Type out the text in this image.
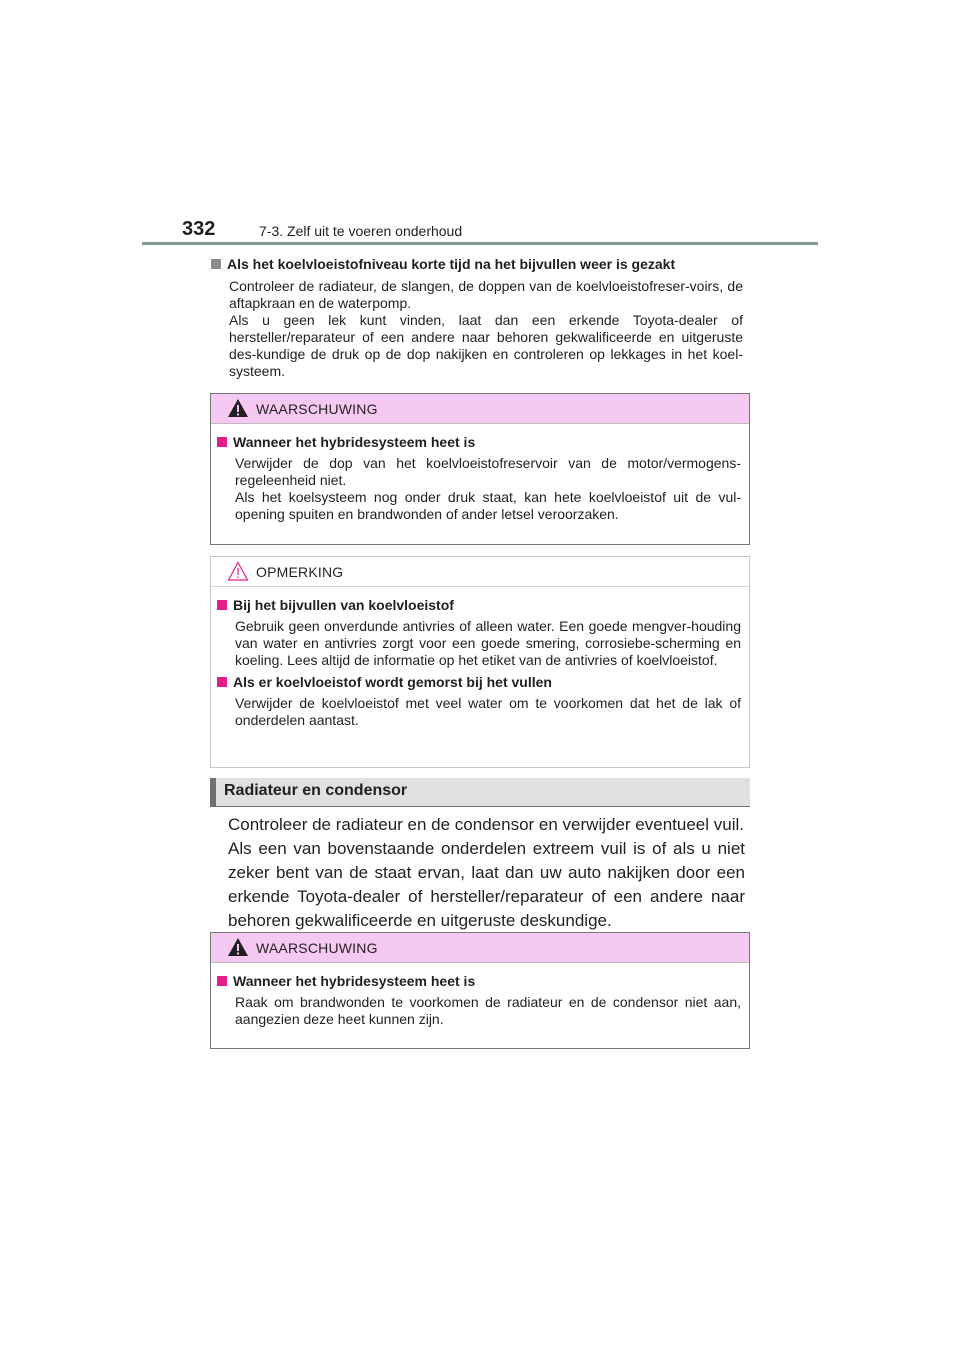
332	7-3. Zelf uit te voeren onderhoud
Als het koelvloeistofniveau korte tijd na het bijvullen weer is gezakt

Controleer de radiateur, de slangen, de doppen van de koelvloeistofreser-voirs, de aftapkraan en de waterpomp.

Als u geen lek kunt vinden, laat dan een erkende Toyota-dealer of hersteller/reparateur of een andere naar behoren gekwalificeerde en uitgeruste des-kundige de druk op de dop nakijken en controleren op lekkages in het koel-systeem.

WAARSCHUWING
Wanneer het hybridesysteem heet is

Verwijder de dop van het koelvloeistofreservoir van de motor/vermogens-regeleenheid niet.

Als het koelsysteem nog onder druk staat, kan hete koelvloeistof uit de vul-opening spuiten en brandwonden of ander letsel veroorzaken.

OPMERKING
Bij het bijvullen van koelvloeistof
Gebruik geen onverdunde antivries of alleen water. Een goede mengver-houding van water en antivries zorgt voor een goede smering, corrosiebe-scherming en koeling. Lees altijd de informatie op het etiket van de antivries of koelvloeistof.
Als er koelvloeistof wordt gemorst bij het vullen
Verwijder de koelvloeistof met veel water om te voorkomen dat het de lak of onderdelen aantast.
Radiateur en condensor

Controleer de radiateur en de condensor en verwijder eventueel vuil.

Als een van bovenstaande onderdelen extreem vuil is of als u niet zeker bent van de staat ervan, laat dan uw auto nakijken door een erkende Toyota-dealer of hersteller/reparateur of een andere naar behoren gekwalificeerde en uitgeruste deskundige.

WAARSCHUWING
Wanneer het hybridesysteem heet is
Raak om brandwonden te voorkomen de radiateur en de condensor niet aan, aangezien deze heet kunnen zijn.
